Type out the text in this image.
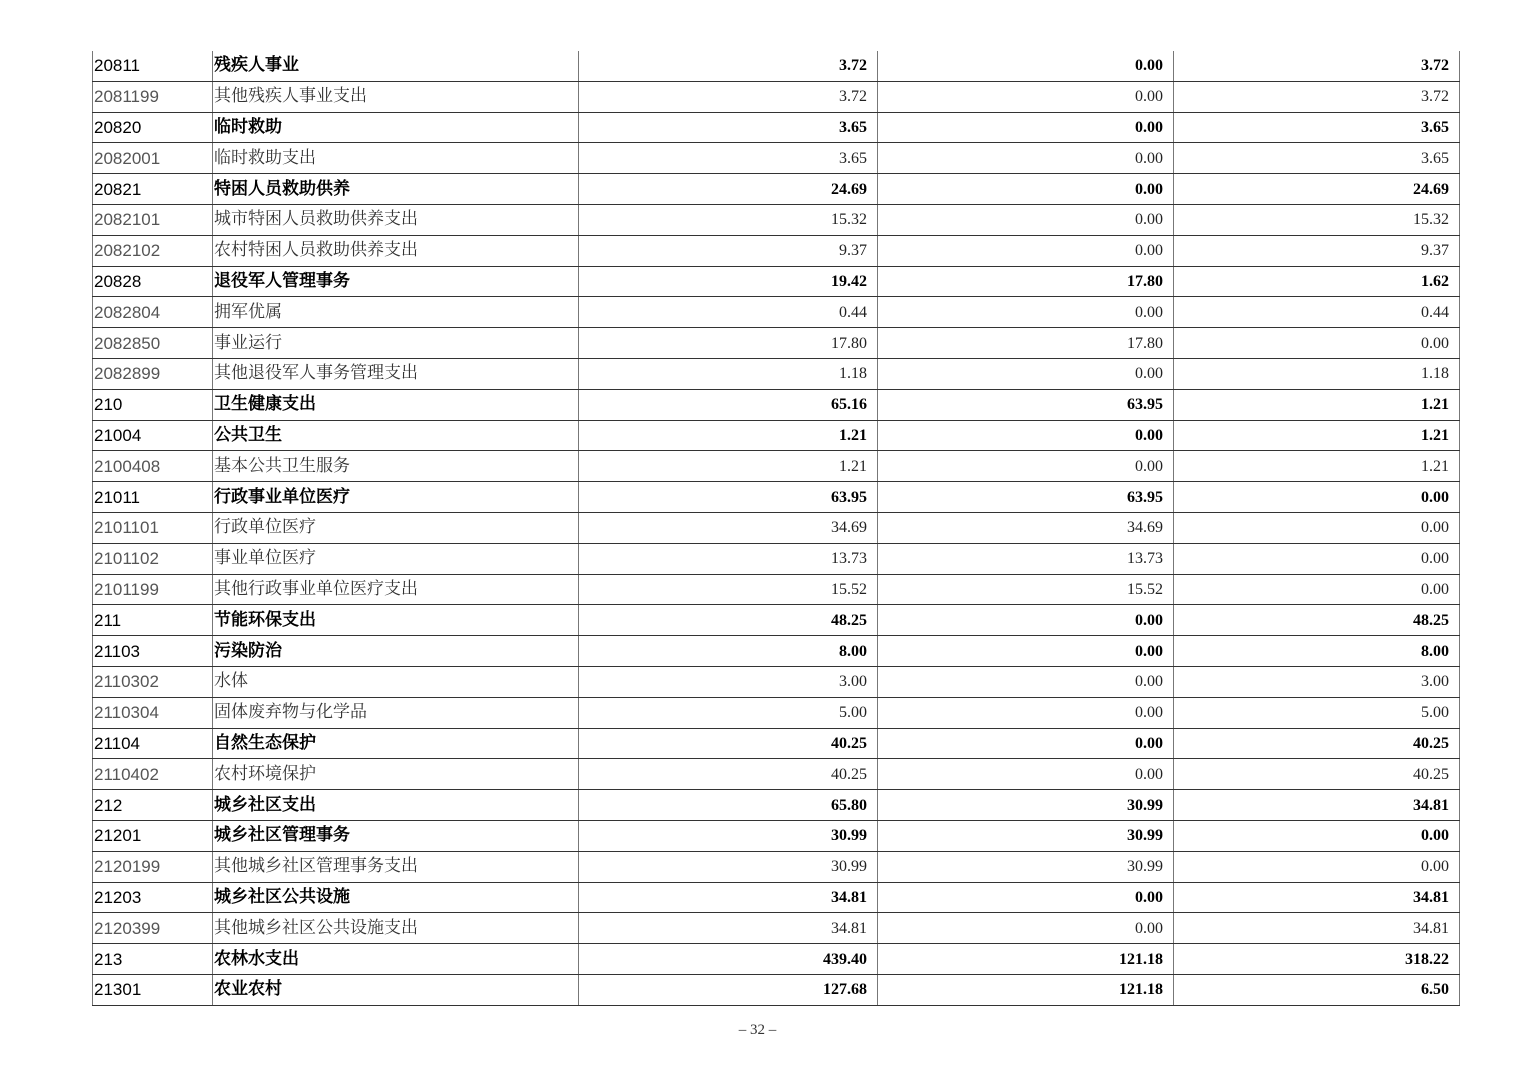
20811	残疾人事业	3.72	0.00	3.72
2081199	其他残疾人事业支出	3.72	0.00	3.72
20820	临时救助	3.65	0.00	3.65
2082001	临时救助支出	3.65	0.00	3.65
20821	特困人员救助供养	24.69	0.00	24.69
2082101	城市特困人员救助供养支出	15.32	0.00	15.32
2082102	农村特困人员救助供养支出	9.37	0.00	9.37
20828	退役军人管理事务	19.42	17.80	1.62
2082804	拥军优属	0.44	0.00	0.44
2082850	事业运行	17.80	17.80	0.00
2082899	其他退役军人事务管理支出	1.18	0.00	1.18
210	卫生健康支出	65.16	63.95	1.21
21004	公共卫生	1.21	0.00	1.21
2100408	基本公共卫生服务	1.21	0.00	1.21
21011	行政事业单位医疗	63.95	63.95	0.00
2101101	行政单位医疗	34.69	34.69	0.00
2101102	事业单位医疗	13.73	13.73	0.00
2101199	其他行政事业单位医疗支出	15.52	15.52	0.00
211	节能环保支出	48.25	0.00	48.25
21103	污染防治	8.00	0.00	8.00
2110302	水体	3.00	0.00	3.00
2110304	固体废弃物与化学品	5.00	0.00	5.00
21104	自然生态保护	40.25	0.00	40.25
2110402	农村环境保护	40.25	0.00	40.25
212	城乡社区支出	65.80	30.99	34.81
21201	城乡社区管理事务	30.99	30.99	0.00
2120199	其他城乡社区管理事务支出	30.99	30.99	0.00
21203	城乡社区公共设施	34.81	0.00	34.81
2120399	其他城乡社区公共设施支出	34.81	0.00	34.81
213	农林水支出	439.40	121.18	318.22
21301	农业农村	127.68	121.18	6.50
– 32 –
